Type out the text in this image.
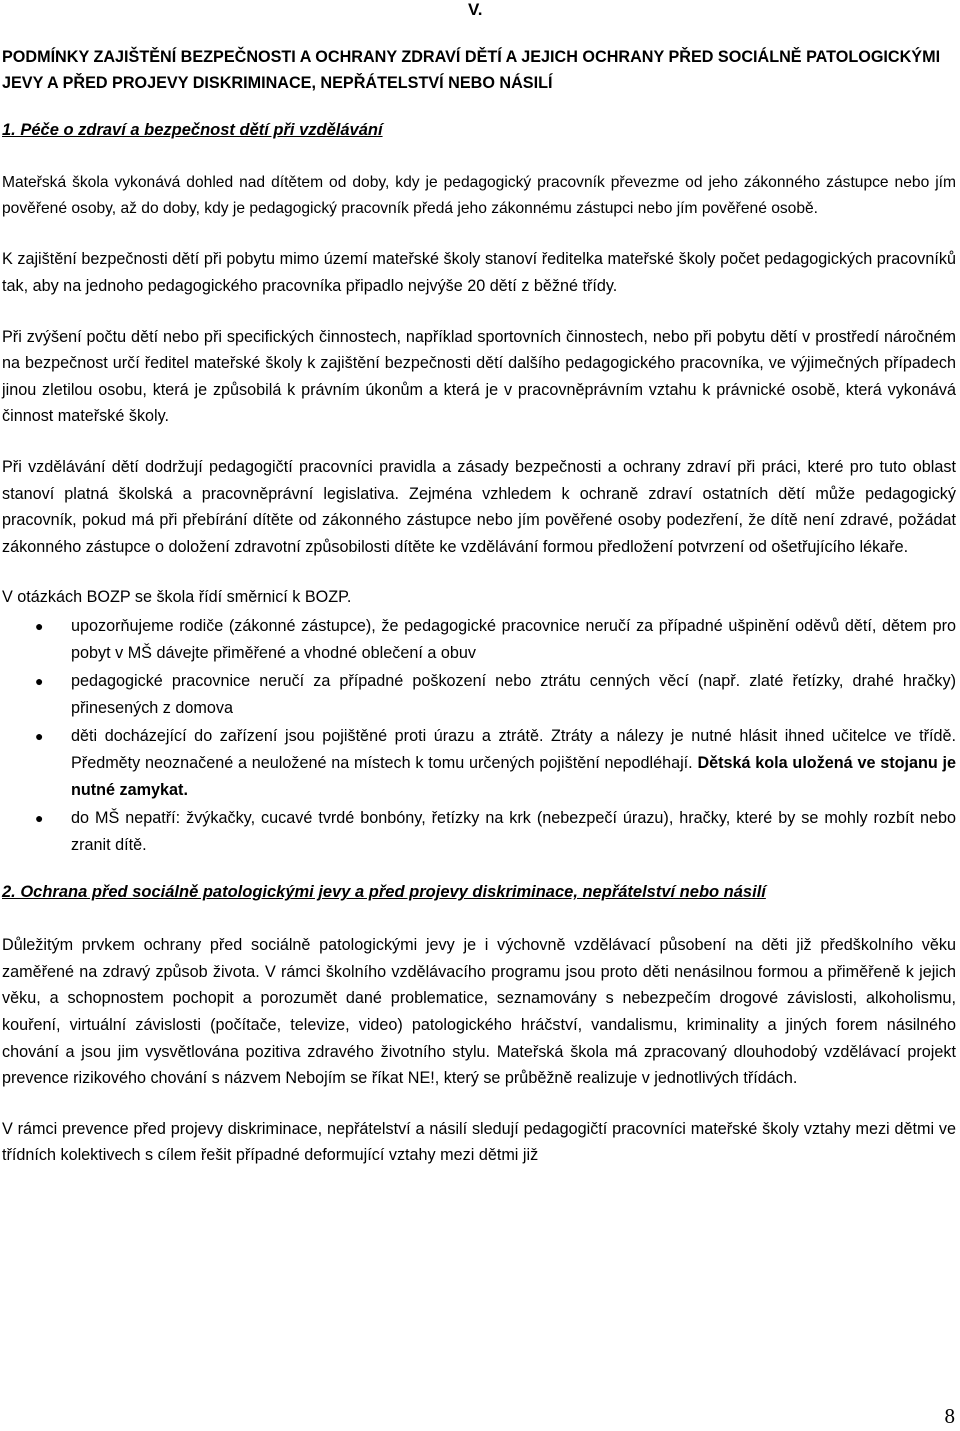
V.
PODMÍNKY ZAJIŠTĚNÍ BEZPEČNOSTI A OCHRANY ZDRAVÍ DĚTÍ A JEJICH OCHRANY PŘED SOCIÁLNĚ PATOLOGICKÝMI JEVY A PŘED PROJEVY DISKRIMINACE, NEPŘÁTELSTVÍ NEBO NÁSILÍ
1. Péče o zdraví a bezpečnost dětí při vzdělávání

Mateřská škola vykonává dohled nad dítětem od doby, kdy je pedagogický pracovník převezme od jeho zákonného zástupce nebo jím pověřené osoby, až do doby, kdy je pedagogický pracovník předá jeho zákonnému zástupci nebo jím pověřené osobě.

K zajištění bezpečnosti dětí při pobytu mimo území mateřské školy stanoví ředitelka mateřské školy počet pedagogických pracovníků tak, aby na jednoho pedagogického pracovníka připadlo nejvýše 20 dětí z běžné třídy.

Při zvýšení počtu dětí nebo při specifických činnostech, například sportovních činnostech, nebo při pobytu dětí v prostředí náročném na bezpečnost určí ředitel mateřské školy k zajištění bezpečnosti dětí dalšího pedagogického pracovníka, ve výjimečných případech jinou zletilou osobu, která je způsobilá k právním úkonům a která je v pracovněprávním vztahu k právnické osobě, která vykonává činnost mateřské školy.

Při vzdělávání dětí dodržují pedagogičtí pracovníci pravidla a zásady bezpečnosti a ochrany zdraví při práci, které pro tuto oblast stanoví platná školská a pracovněprávní legislativa. Zejména vzhledem k ochraně zdraví ostatních dětí může pedagogický pracovník, pokud má při přebírání dítěte od zákonného zástupce nebo jím pověřené osoby podezření, že dítě není zdravé, požádat zákonného zástupce o doložení zdravotní způsobilosti dítěte ke vzdělávání formou předložení potvrzení od ošetřujícího lékaře.

V otázkách BOZP se škola řídí směrnicí k BOZP.

● upozorňujeme rodiče (zákonné zástupce), že pedagogické pracovnice neručí za případné ušpinění oděvů dětí, dětem pro pobyt v MŠ dávejte přiměřené a vhodné oblečení a obuv
● pedagogické pracovnice neručí za případné poškození nebo ztrátu cenných věcí (např. zlaté řetízky, drahé hračky) přinesených z domova
● děti docházející do zařízení jsou pojištěné proti úrazu a ztrátě. Ztráty a nálezy je nutné hlásit ihned učitelce ve třídě. Předměty neoznačené a neuložené na místech k tomu určených pojištění nepodléhají. Dětská kola uložená ve stojanu je nutné zamykat.
● do MŠ nepatří: žvýkačky, cucavé tvrdé bonbóny, řetízky na krk (nebezpečí úrazu), hračky, které by se mohly rozbít nebo zranit dítě.
2. Ochrana před sociálně patologickými jevy a před projevy diskriminace, nepřátelství nebo násilí

Důležitým prvkem ochrany před sociálně patologickými jevy je i výchovně vzdělávací působení na děti již předškolního věku zaměřené na zdravý způsob života. V rámci školního vzdělávacího programu jsou proto děti nenásilnou formou a přiměřeně k jejich věku, a schopnostem pochopit a porozumět dané problematice, seznamovány s nebezpečím drogové závislosti, alkoholismu, kouření, virtuální závislosti (počítače, televize, video) patologického hráčství, vandalismu, kriminality a jiných forem násilného chování a jsou jim vysvětlována pozitiva zdravého životního stylu. Mateřská škola má zpracovaný dlouhodobý vzdělávací projekt prevence rizikového chování s názvem Nebojím se říkat NE!, který se průběžně realizuje v jednotlivých třídách.

V rámci prevence před projevy diskriminace, nepřátelství a násilí sledují pedagogičtí pracovníci mateřské školy vztahy mezi dětmi ve třídních kolektivech s cílem řešit případné deformující vztahy mezi dětmi již

8
